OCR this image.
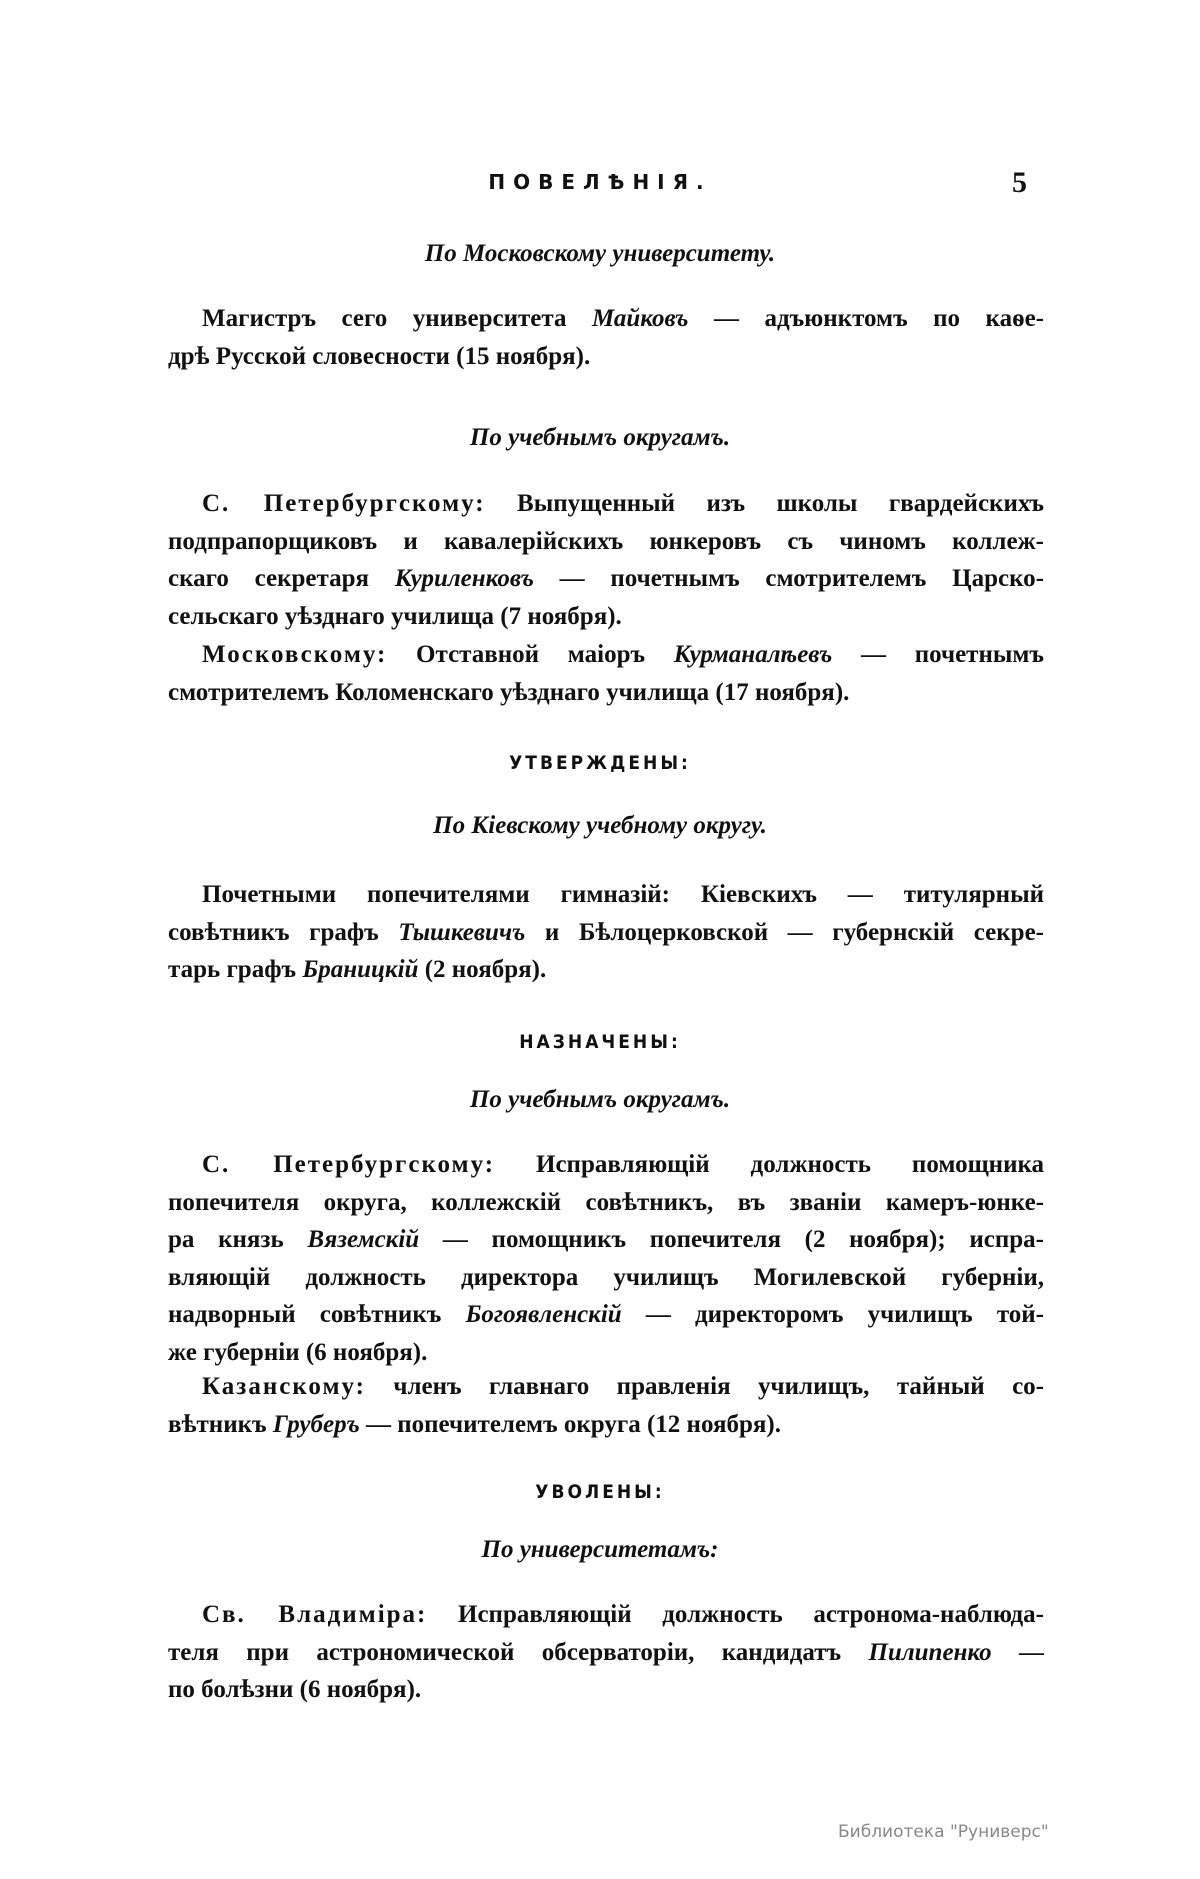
ПОВЕЛѢНІЯ.	5
По Московскому университету.
Магистръ сего университета Майковъ — адъюнктомъ по каѳе-
дрѣ Русской словесности (15 ноября).
По учебнымъ округамъ.
С. Петербургскому: Выпущенный изъ школы гвардейскихъ
подпрапорщиковъ и кавалерійскихъ юнкеровъ съ чиномъ коллеж-
скаго секретаря Куриленковъ — почетнымъ смотрителемъ Царско-
сельскаго уѣзднаго училища (7 ноября).
Московскому: Отставной маіоръ Курманалѣевъ — почетнымъ
смотрителемъ Коломенскаго уѣзднаго училища (17 ноября).
УТВЕРЖДЕНЫ:
По Кіевскому учебному округу.
Почетными попечителями гимназій: Кіевскихъ — титулярный
совѣтникъ графъ Тышкевичъ и Бѣлоцерковской — губернскій секре-
тарь графъ Браницкій (2 ноября).
НАЗНАЧЕНЫ:
По учебнымъ округамъ.
С. Петербургскому: Исправляющій должность помощника
попечителя округа, коллежскій совѣтникъ, въ званіи камеръ-юнке-
ра князь Вяземскій — помощникъ попечителя (2 ноября); испра-
вляющій должность директора училищъ Могилевской губерніи,
надворный совѣтникъ Богоявленскій — директоромъ училищъ той-
же губерніи (6 ноября).
Казанскому: членъ главнаго правленія училищъ, тайный со-
вѣтникъ Груберъ — попечителемъ округа (12 ноября).
УВОЛЕНЫ:
По университетамъ:
Св. Владиміра: Исправляющій должность астронома-наблюда-
теля при астрономической обсерваторіи, кандидатъ Пилипенко —
по болѣзни (6 ноября).
Библиотека "Руниверс"
